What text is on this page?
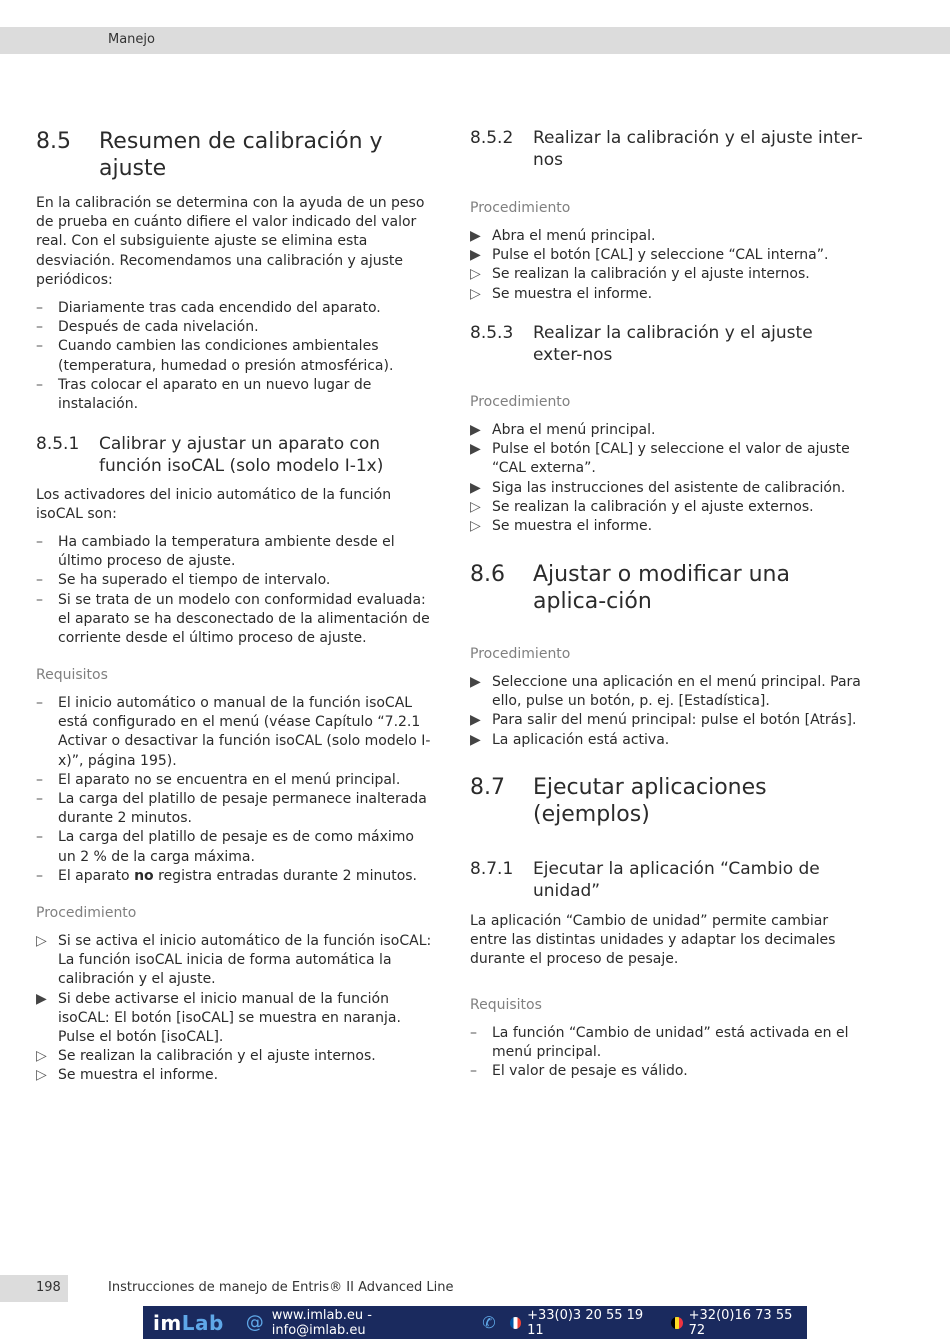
Manejo
8.5	Resumen de calibración y ajuste

En la calibración se determina con la ayuda de un peso de prueba en cuánto difiere el valor indicado del valor real. Con el subsiguiente ajuste se elimina esta desviación. Recomendamos una calibración y ajuste periódicos:

–	Diariamente tras cada encendido del aparato.
–	Después de cada nivelación.
–	Cuando cambien las condiciones ambientales (temperatura, humedad o presión atmosférica).
–	Tras colocar el aparato en un nuevo lugar de instalación.
8.5.1	Calibrar y ajustar un aparato con función isoCAL (solo modelo I-1x)

Los activadores del inicio automático de la función isoCAL son:

–	Ha cambiado la temperatura ambiente desde el último proceso de ajuste.
–	Se ha superado el tiempo de intervalo.
–	Si se trata de un modelo con conformidad evaluada: el aparato se ha desconectado de la alimentación de corriente desde el último proceso de ajuste.
Requisitos
–	El inicio automático o manual de la función isoCAL está configurado en el menú (véase Capítulo “7.2.1 Activar o desactivar la función isoCAL (solo modelo I-x)”, página 195).
–	El aparato no se encuentra en el menú principal.
–	La carga del platillo de pesaje permanece inalterada durante 2 minutos.
–	La carga del platillo de pesaje es de como máximo un 2 % de la carga máxima.
–	El aparato no registra entradas durante 2 minutos.
Procedimiento
▷ Si se activa el inicio automático de la función isoCAL: La función isoCAL inicia de forma automática la calibración y el ajuste.
▶ Si debe activarse el inicio manual de la función isoCAL: El botón [isoCAL] se muestra en naranja. Pulse el botón [isoCAL].
▷ Se realizan la calibración y el ajuste internos.
▷ Se muestra el informe.
8.5.2	Realizar la calibración y el ajuste inter-nos
Procedimiento
▶ Abra el menú principal.
▶ Pulse el botón [CAL] y seleccione “CAL interna”.
▷ Se realizan la calibración y el ajuste internos.
▷ Se muestra el informe.
8.5.3	Realizar la calibración y el ajuste exter-nos
Procedimiento
▶ Abra el menú principal.
▶ Pulse el botón [CAL] y seleccione el valor de ajuste “CAL externa”.
▶ Siga las instrucciones del asistente de calibración.
▷ Se realizan la calibración y el ajuste externos.
▷ Se muestra el informe.
8.6	Ajustar o modificar una aplica-ción
Procedimiento
▶ Seleccione una aplicación en el menú principal. Para ello, pulse un botón, p. ej. [Estadística].
▶ Para salir del menú principal: pulse el botón [Atrás].
▶ La aplicación está activa.
8.7	Ejecutar aplicaciones (ejemplos)
8.7.1	Ejecutar la aplicación “Cambio de unidad”

La aplicación “Cambio de unidad” permite cambiar entre las distintas unidades y adaptar los decimales durante el proceso de pesaje.

Requisitos
–	La función “Cambio de unidad” está activada en el menú principal.
–	El valor de pesaje es válido.
198	Instrucciones de manejo de Entris® II Advanced Line
imLab @ www.imlab.eu - info@imlab.eu	✆ +33(0)3 20 55 19 11
+32(0)16 73 55 72
